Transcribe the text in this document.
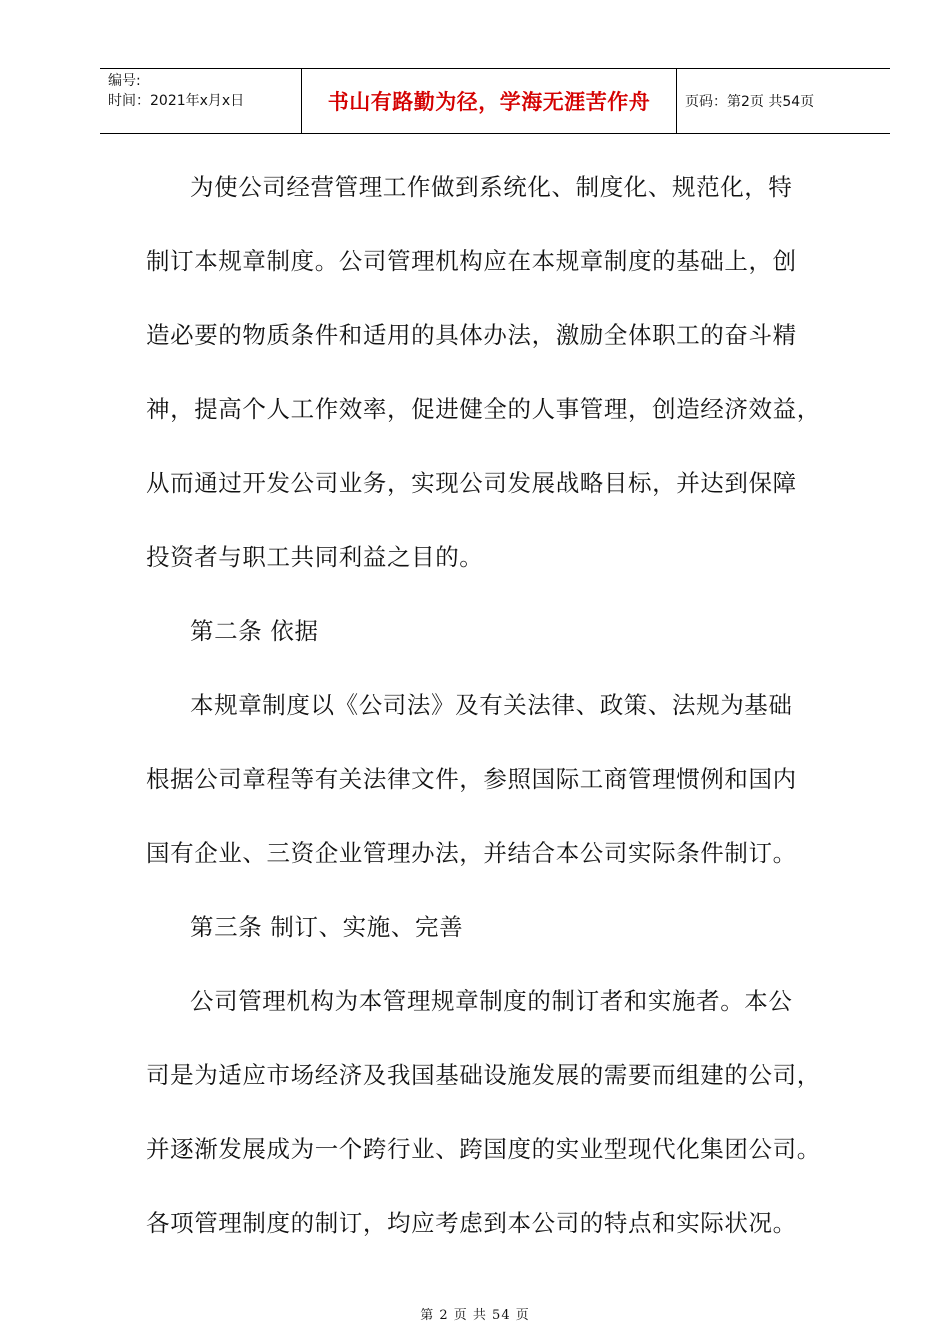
编号:
时间：2021年x月x日	书山有路勤为径，学海无涯苦作舟	页码：第2页 共54页
为使公司经营管理工作做到系统化、制度化、规范化，特
制订本规章制度。公司管理机构应在本规章制度的基础上，创
造必要的物质条件和适用的具体办法，激励全体职工的奋斗精
神，提高个人工作效率，促进健全的人事管理，创造经济效益，
从而通过开发公司业务，实现公司发展战略目标，并达到保障
投资者与职工共同利益之目的。
第二条 依据
本规章制度以《公司法》及有关法律、政策、法规为基础
根据公司章程等有关法律文件，参照国际工商管理惯例和国内
国有企业、三资企业管理办法，并结合本公司实际条件制订。
第三条 制订、实施、完善
公司管理机构为本管理规章制度的制订者和实施者。本公
司是为适应市场经济及我国基础设施发展的需要而组建的公司，
并逐渐发展成为一个跨行业、跨国度的实业型现代化集团公司。
各项管理制度的制订，均应考虑到本公司的特点和实际状况。
第 2 页 共 54 页
